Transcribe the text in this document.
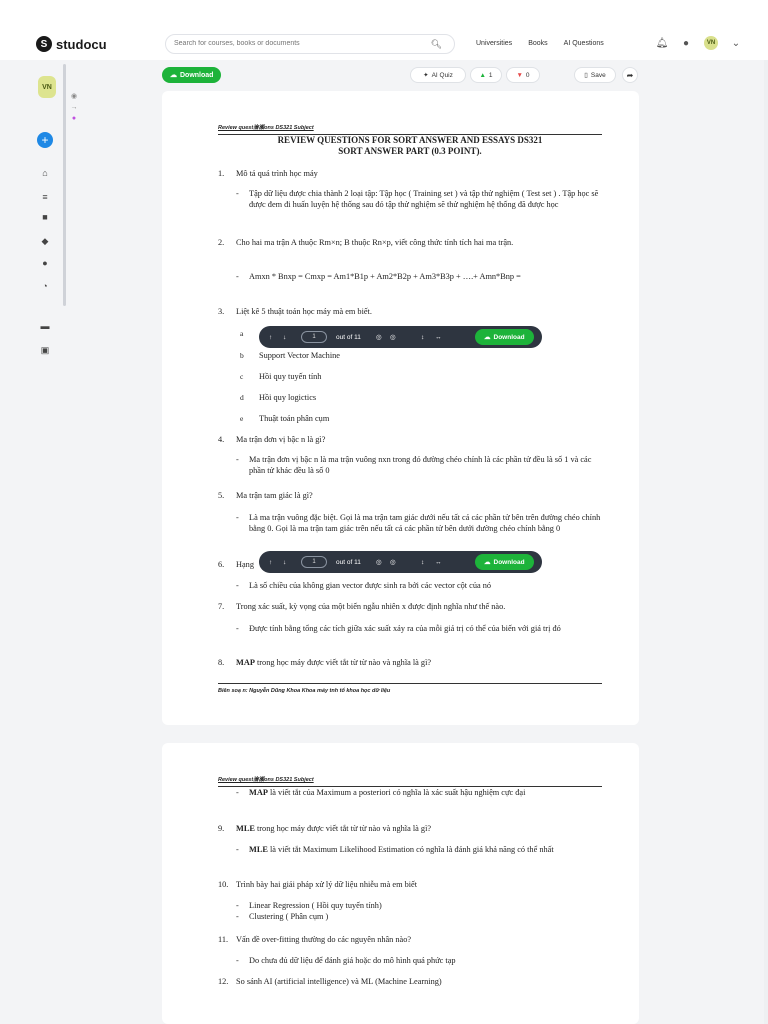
S studocu
Search for courses, books or documents	🔍︎	Universities Books AI Questions	🔔︎ ●	VN ⌄
VN
+
⌂
≡
■
◆
●
◔
▬
▣
◉
→
●
☁ Download	✦ AI Quiz	▲ 1	▼ 0	▯ Save	➦
Review quest瀹瀬ons DS321 Subject
REVIEW QUESTIONS FOR SORT ANSWER AND ESSAYS DS321
SORT ANSWER PART (0.3 POINT).
1. Mô tả quá trình học máy
- Tập dữ liệu được chia thành 2 loại tập: Tập học ( Training set ) và tập thử nghiệm ( Test set ) . Tập học sẽ được đem đi huấn luyện hệ thống sau đó tập thử nghiệm sẽ thử nghiệm hệ thống đã được học
2. Cho hai ma trận A thuộc Rm×n; B thuộc Rn×p, viết công thức tính tích hai ma trận.
- Amxn * Bnxp = Cmxp = Am1*B1p + Am2*B2p + Am3*B3p + ….+ Amn*Bnp =
3. Liệt kê 5 thuật toán học máy mà em biết.
a
b Support Vector Machine
c Hồi quy tuyến tính
d Hồi quy logictics
e Thuật toán phân cụm
4. Ma trận đơn vị bậc n là gì?
- Ma trận đơn vị bậc n là ma trận vuông nxn trong đó đường chéo chính là các phần tử đều là số 1 và các phần tử khác đều là số 0
5. Ma trận tam giác là gì?
- Là ma trận vuông đặc biệt. Gọi là ma trận tam giác dưới nếu tất cả các phần tử bên trên đường chéo chính bằng 0. Gọi là ma trận tam giác trên nếu tất cả các phần tử bên dưới đường chéo chính bằng 0
6. Hạng
- Là số chiều của không gian vector được sinh ra bởi các vector cột của nó
7. Trong xác suất, kỳ vọng của một biến ngẫu nhiên x được định nghĩa như thế nào.
- Được tính bằng tổng các tích giữa xác suất xảy ra của mỗi giá trị có thể của biến với giá trị đó
8. MAP trong học máy được viết tắt từ từ nào và nghĩa là gì?
Biên soạ n: Nguyễn Dũng Khoa Khoa máy tnh tổ khoa học dữ liệu
Review quest瀹瀬ons DS321 Subject
- MAP là viết tắt của Maximum a posteriori có nghĩa là xác suất hậu nghiệm cực đại
9. MLE trong học máy được viết tắt từ từ nào và nghĩa là gì?
- MLE là viết tắt Maximum Likelihood Estimation có nghĩa là đánh giá khả năng có thể nhất
10. Trình bày hai giải pháp xử lý dữ liệu nhiễu mà em biết
- Linear Regression ( Hồi quy tuyến tính)
- Clustering ( Phân cụm )
11. Vấn đề over-fitting thường do các nguyên nhân nào?
- Do chưa đủ dữ liệu để đánh giá hoặc do mô hình quá phức tạp
12. So sánh AI (artificial intelligence) và ML (Machine Learning)
↑ ↓	1	out of 11 ◎ ◎	↕ ↔	☁ Download
↑ ↓	1	out of 11 ◎ ◎	↕ ↔	☁ Download
